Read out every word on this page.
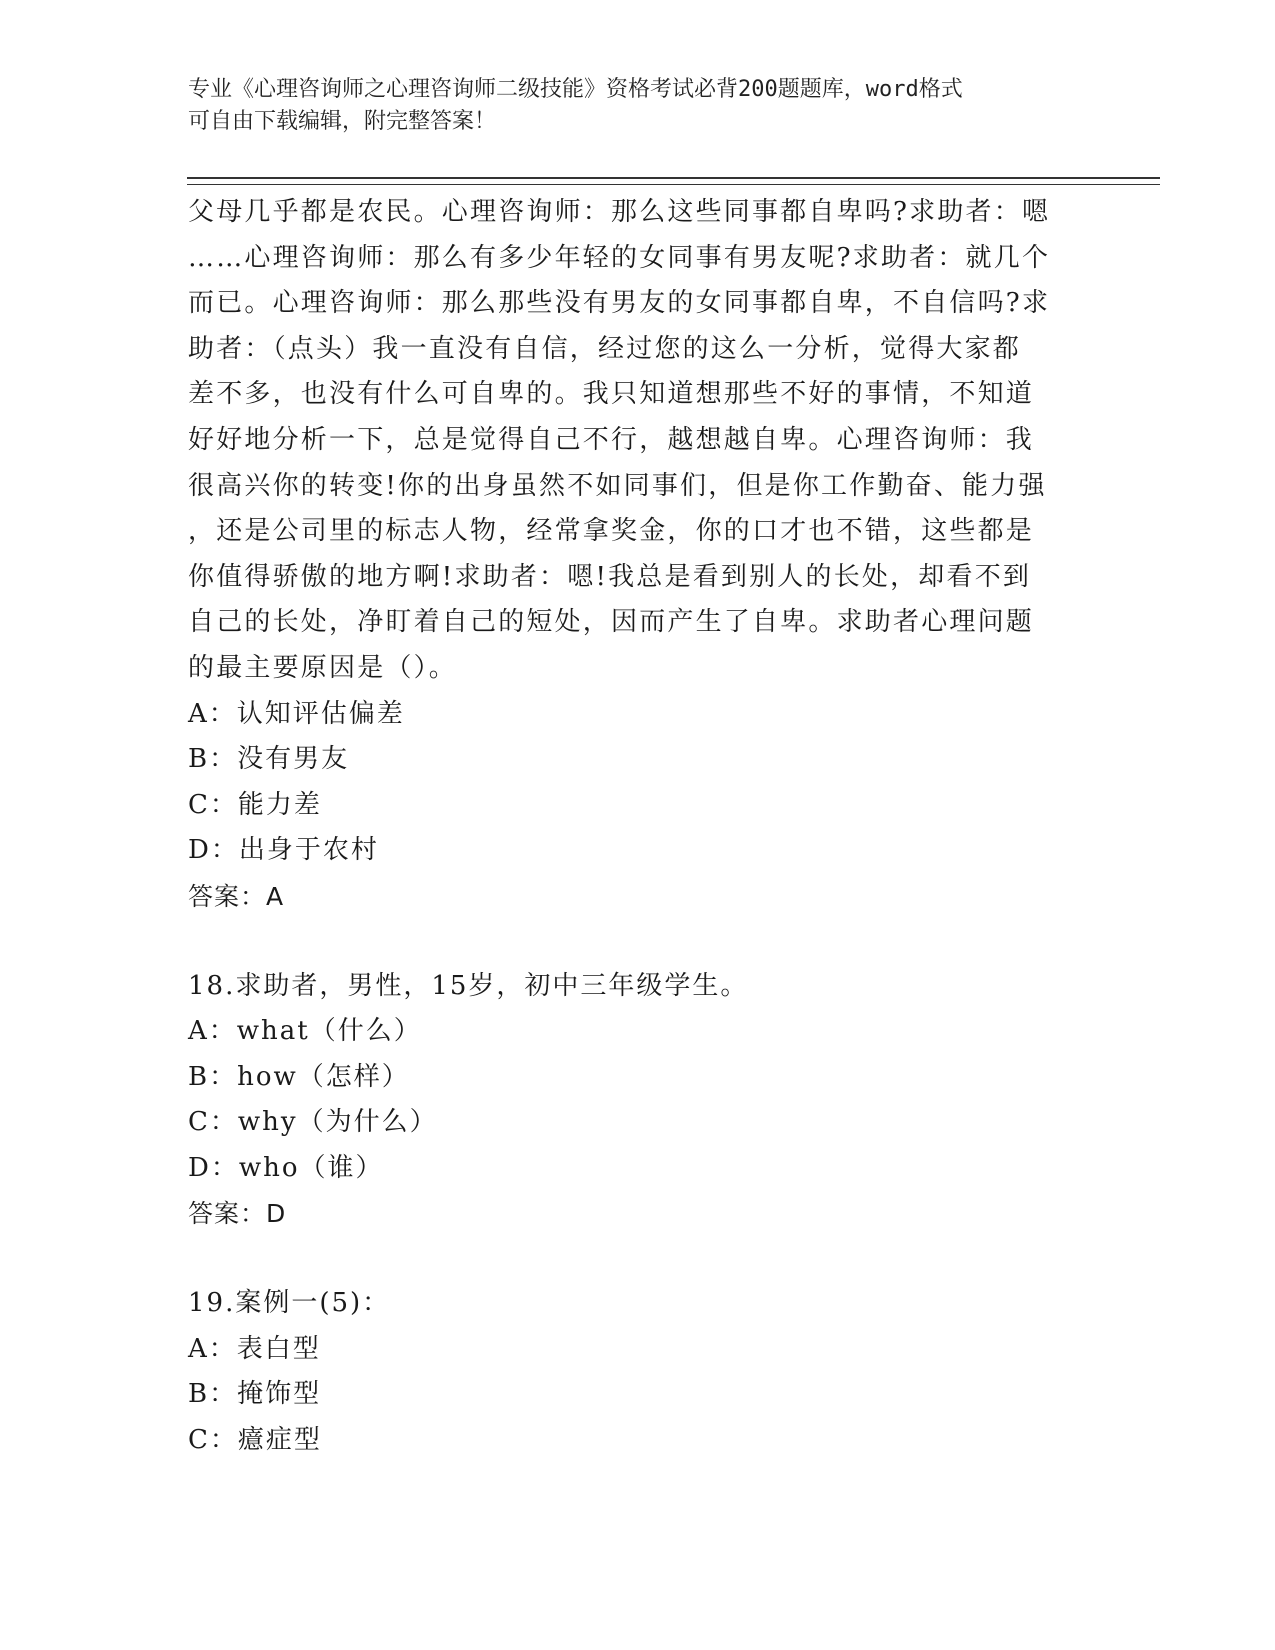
专业《心理咨询师之心理咨询师二级技能》资格考试必背200题题库，word格式
可自由下载编辑，附完整答案！
父母几乎都是农民。心理咨询师：那么这些同事都自卑吗?求助者：嗯
……心理咨询师：那么有多少年轻的女同事有男友呢?求助者：就几个
而已。心理咨询师：那么那些没有男友的女同事都自卑，不自信吗?求
助者：（点头）我一直没有自信，经过您的这么一分析，觉得大家都
差不多，也没有什么可自卑的。我只知道想那些不好的事情，不知道
好好地分析一下，总是觉得自己不行，越想越自卑。心理咨询师：我
很高兴你的转变!你的出身虽然不如同事们，但是你工作勤奋、能力强
，还是公司里的标志人物，经常拿奖金，你的口才也不错，这些都是
你值得骄傲的地方啊!求助者：嗯!我总是看到别人的长处，却看不到
自己的长处，净盯着自己的短处，因而产生了自卑。求助者心理问题
的最主要原因是（）。
A：认知评估偏差
B：没有男友
C：能力差
D：出身于农村
答案：A
18.求助者，男性，15岁，初中三年级学生。
A：what（什么）
B：how（怎样）
C：why（为什么）
D：who（谁）
答案：D
19.案例一(5)：
A：表白型
B：掩饰型
C：癔症型
